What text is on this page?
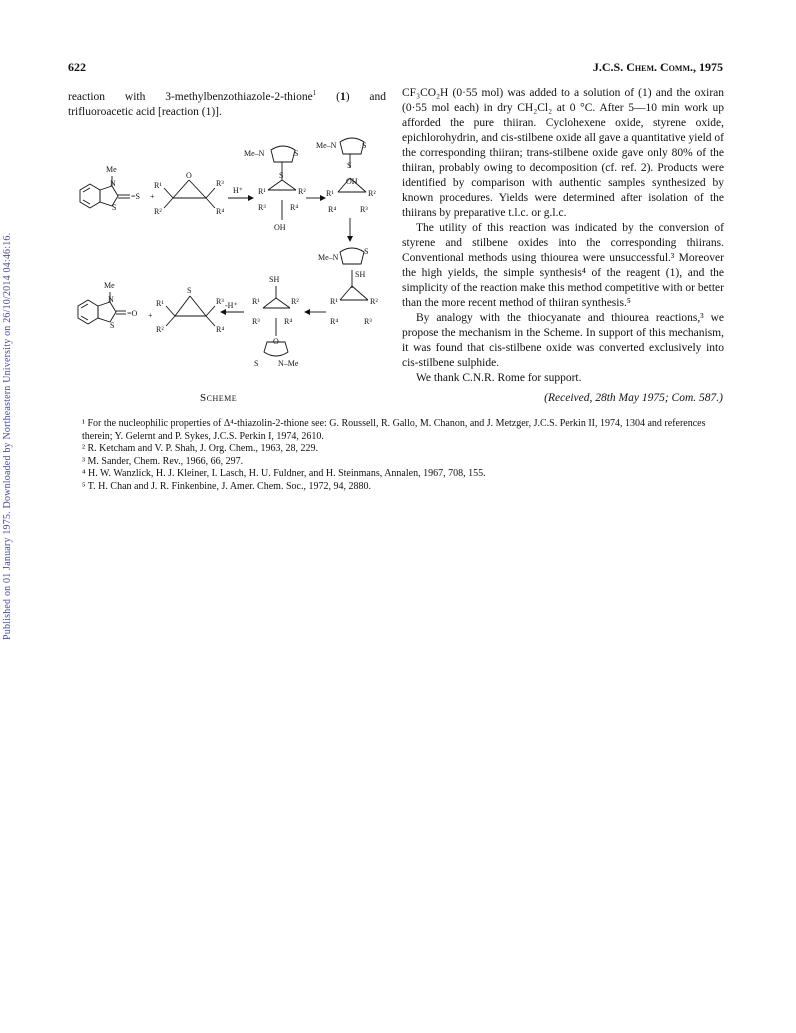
Published on 01 January 1975. Downloaded by Northeastern University on 26/10/2014 04:46:16.
622	J.C.S. Chem. Comm., 1975
reaction with 3-methylbenzothiazole-2-thione$^1$ (1) and trifluoroacetic acid [reaction (1)].
Me
N
S
=S +
O
R¹
R²
R³
R⁴
H⁺
Me–N	S
S
R¹	R²
R³	R⁴
OH
Me–N	S
S
OH
R¹	R²
R⁴	R³
Me–N
S
SH
R¹	R²
R⁴	R³
SH
R¹	R²
R³	R⁴
O
S N–Me
-H⁺
S
R¹
R²
R³
R⁴
+
Me
N
S
=O
Scheme

CF₃CO₂H (0·55 mol) was added to a solution of (1) and the oxiran (0·55 mol each) in dry CH₂Cl₂ at 0 °C. After 5—10 min work up afforded the pure thiiran. Cyclohexene oxide, styrene oxide, epichlorohydrin, and cis-stilbene oxide all gave a quantitative yield of the corresponding thiiran; trans-stilbene oxide gave only 80% of the thiiran, probably owing to decomposition (cf. ref. 2). Products were identified by comparison with authentic samples synthesized by known procedures. Yields were determined after isolation of the thiirans by preparative t.l.c. or g.l.c.

The utility of this reaction was indicated by the conversion of styrene and stilbene oxides into the corresponding thiirans. Conventional methods using thiourea were unsuccessful.³ Moreover the high yields, the simple synthesis⁴ of the reagent (1), and the simplicity of the reaction make this method competitive with or better than the more recent method of thiiran synthesis.⁵

By analogy with the thiocyanate and thiourea reactions,³ we propose the mechanism in the Scheme. In support of this mechanism, it was found that cis-stilbene oxide was converted exclusively into cis-stilbene sulphide.

We thank C.N.R. Rome for support.

(Received, 28th May 1975; Com. 587.)

¹ For the nucleophilic properties of Δ⁴-thiazolin-2-thione see: G. Roussell, R. Gallo, M. Chanon, and J. Metzger, J.C.S. Perkin II, 1974, 1304 and references therein; Y. Gelernt and P. Sykes, J.C.S. Perkin I, 1974, 2610.

² R. Ketcham and V. P. Shah, J. Org. Chem., 1963, 28, 229.

³ M. Sander, Chem. Rev., 1966, 66, 297.

⁴ H. W. Wanzlick, H. J. Kleiner, I. Lasch, H. U. Fuldner, and H. Steinmans, Annalen, 1967, 708, 155.

⁵ T. H. Chan and J. R. Finkenbine, J. Amer. Chem. Soc., 1972, 94, 2880.
